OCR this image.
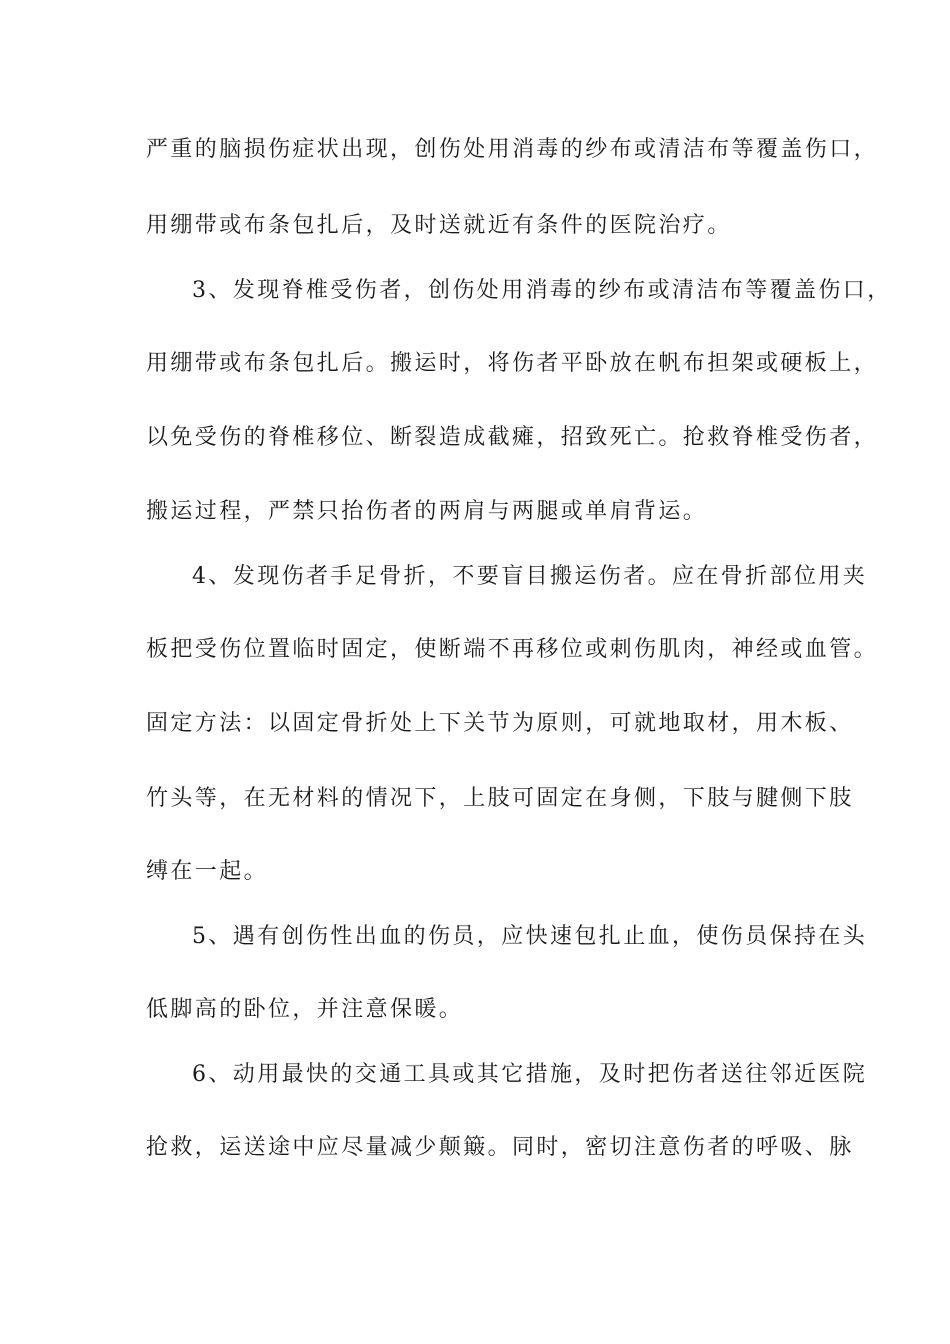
严重的脑损伤症状出现，创伤处用消毒的纱布或清洁布等覆盖伤口，
用绷带或布条包扎后，及时送就近有条件的医院治疗。
3、发现脊椎受伤者，创伤处用消毒的纱布或清洁布等覆盖伤口，
用绷带或布条包扎后。搬运时，将伤者平卧放在帆布担架或硬板上，
以免受伤的脊椎移位、断裂造成截瘫，招致死亡。抢救脊椎受伤者，
搬运过程，严禁只抬伤者的两肩与两腿或单肩背运。
4、发现伤者手足骨折，不要盲目搬运伤者。应在骨折部位用夹
板把受伤位置临时固定，使断端不再移位或刺伤肌肉，神经或血管。
固定方法：以固定骨折处上下关节为原则，可就地取材，用木板、
竹头等，在无材料的情况下，上肢可固定在身侧，下肢与腱侧下肢
缚在一起。
5、遇有创伤性出血的伤员，应快速包扎止血，使伤员保持在头
低脚高的卧位，并注意保暖。
6、动用最快的交通工具或其它措施，及时把伤者送往邻近医院
抢救，运送途中应尽量减少颠簸。同时，密切注意伤者的呼吸、脉
